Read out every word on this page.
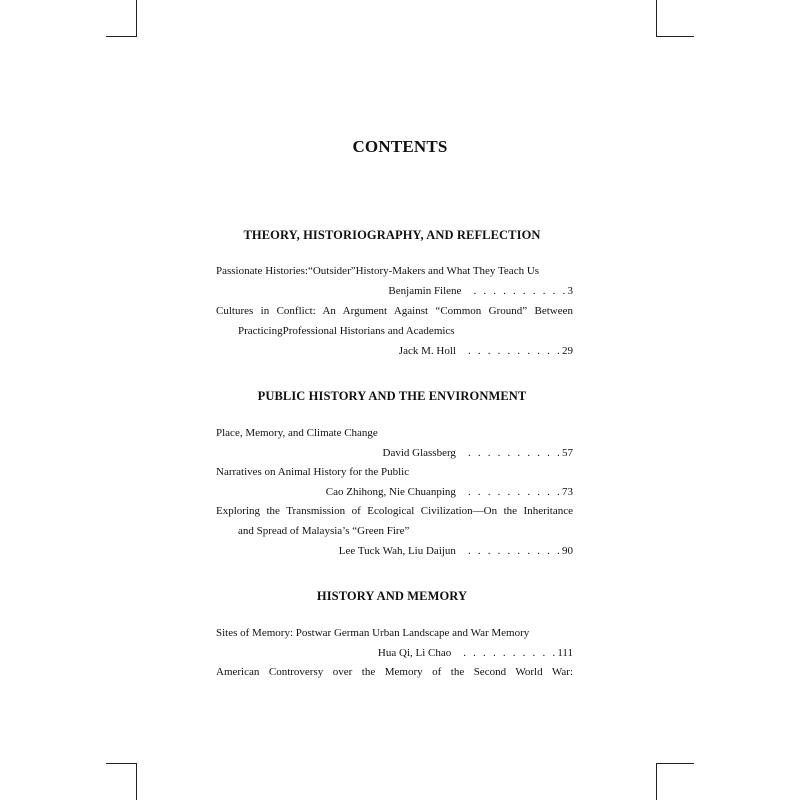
CONTENTS
THEORY, HISTORIOGRAPHY, AND REFLECTION
Passionate Histories:“Outsider”History-Makers and What They Teach Us
Benjamin Filene . . . . . . . . . .3
Cultures in Conflict: An Argument Against “Common Ground” Between
PracticingProfessional Historians and Academics
Jack M. Holl . . . . . . . . . .29
PUBLIC HISTORY AND THE ENVIRONMENT
Place, Memory, and Climate Change
David Glassberg . . . . . . . . . .57
Narratives on Animal History for the Public
Cao Zhihong, Nie Chuanping . . . . . . . . . .73
Exploring the Transmission of Ecological Civilization—On the Inheritance
and Spread of Malaysia’s “Green Fire”
Lee Tuck Wah, Liu Daijun . . . . . . . . . .90
HISTORY AND MEMORY
Sites of Memory: Postwar German Urban Landscape and War Memory
Hua Qi, Li Chao . . . . . . . . . .111
American Controversy over the Memory of the Second World War:
